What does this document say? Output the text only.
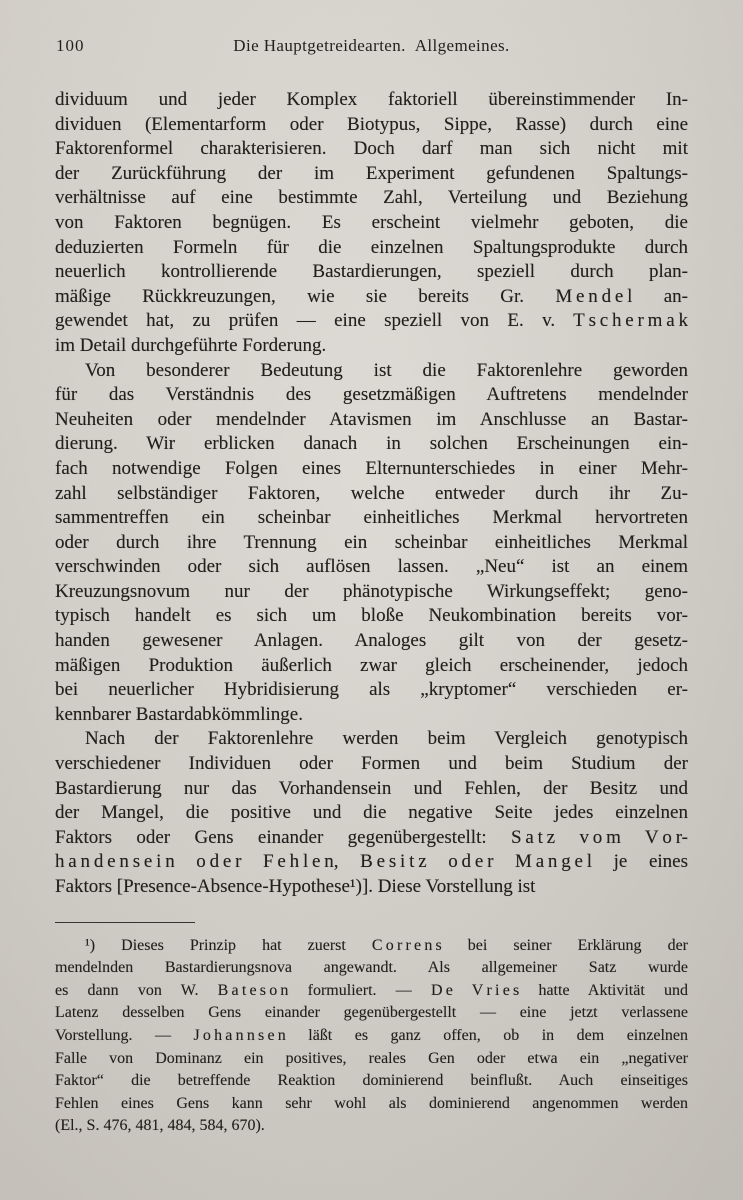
100	Die Hauptgetreidearten. Allgemeines.
dividuum und jeder Komplex faktoriell übereinstimmender In-
dividuen (Elementarform oder Biotypus, Sippe, Rasse) durch eine
Faktorenformel charakterisieren. Doch darf man sich nicht mit
der Zurückführung der im Experiment gefundenen Spaltungs-
verhältnisse auf eine bestimmte Zahl, Verteilung und Beziehung
von Faktoren begnügen. Es erscheint vielmehr geboten, die
deduzierten Formeln für die einzelnen Spaltungsprodukte durch
neuerlich kontrollierende Bastardierungen, speziell durch plan-
mäßige Rückkreuzungen, wie sie bereits Gr. M e n d e l an-
gewendet hat, zu prüfen — eine speziell von E. v. T s c h e r m a k
im Detail durchgeführte Forderung.
Von besonderer Bedeutung ist die Faktorenlehre geworden
für das Verständnis des gesetzmäßigen Auftretens mendelnder
Neuheiten oder mendelnder Atavismen im Anschlusse an Bastar-
dierung. Wir erblicken danach in solchen Erscheinungen ein-
fach notwendige Folgen eines Elternunterschiedes in einer Mehr-
zahl selbständiger Faktoren, welche entweder durch ihr Zu-
sammentreffen ein scheinbar einheitliches Merkmal hervortreten
oder durch ihre Trennung ein scheinbar einheitliches Merkmal
verschwinden oder sich auflösen lassen. „Neu“ ist an einem
Kreuzungsnovum nur der phänotypische Wirkungseffekt; geno-
typisch handelt es sich um bloße Neukombination bereits vor-
handen gewesener Anlagen. Analoges gilt von der gesetz-
mäßigen Produktion äußerlich zwar gleich erscheinender, jedoch
bei neuerlicher Hybridisierung als „kryptomer“ verschieden er-
kennbarer Bastardabkömmlinge.
Nach der Faktorenlehre werden beim Vergleich genotypisch
verschiedener Individuen oder Formen und beim Studium der
Bastardierung nur das Vorhandensein und Fehlen, der Besitz und
der Mangel, die positive und die negative Seite jedes einzelnen
Faktors oder Gens einander gegenübergestellt: S a t z v o m V o r-
h a n d e n s e i n o d e r F e h l e n, B e s i t z o d e r M a n g e l je eines
Faktors [Presence-Absence-Hypothese¹)]. Diese Vorstellung ist
¹) Dieses Prinzip hat zuerst C o r r e n s bei seiner Erklärung der
mendelnden Bastardierungsnova angewandt. Als allgemeiner Satz wurde
es dann von W. B a t e s o n formuliert. — D e V r i e s hatte Aktivität und
Latenz desselben Gens einander gegenübergestellt — eine jetzt verlassene
Vorstellung. — J o h a n n s e n läßt es ganz offen, ob in dem einzelnen
Falle von Dominanz ein positives, reales Gen oder etwa ein „negativer
Faktor“ die betreffende Reaktion dominierend beinflußt. Auch einseitiges
Fehlen eines Gens kann sehr wohl als dominierend angenommen werden
(El., S. 476, 481, 484, 584, 670).
